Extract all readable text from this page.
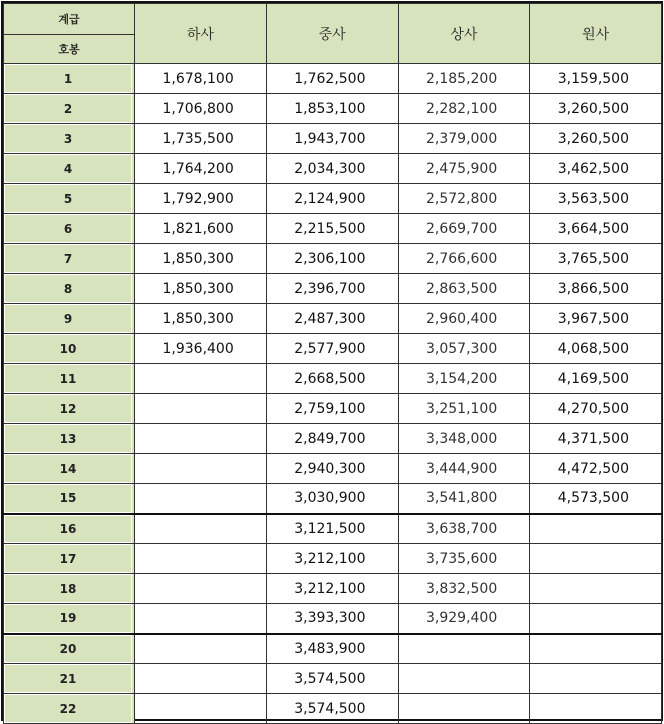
계급	하사	중사	상사	원사
호봉				

1	1,678,100	1,762,500	2,185,200	3,159,500

2	1,706,800	1,853,100	2,282,100	3,260,500

3	1,735,500	1,943,700	2,379,000	3,260,500

4	1,764,200	2,034,300	2,475,900	3,462,500

5	1,792,900	2,124,900	2,572,800	3,563,500

6	1,821,600	2,215,500	2,669,700	3,664,500

7	1,850,300	2,306,100	2,766,600	3,765,500

8	1,850,300	2,396,700	2,863,500	3,866,500

9	1,850,300	2,487,300	2,960,400	3,967,500

10	1,936,400	2,577,900	3,057,300	4,068,500

11		2,668,500	3,154,200	4,169,500

12		2,759,100	3,251,100	4,270,500

13		2,849,700	3,348,000	4,371,500

14		2,940,300	3,444,900	4,472,500

15		3,030,900	3,541,800	4,573,500

16		3,121,500	3,638,700	

17		3,212,100	3,735,600	

18		3,212,100	3,832,500	

19		3,393,300	3,929,400	

20		3,483,900		

21		3,574,500		

22		3,574,500		
